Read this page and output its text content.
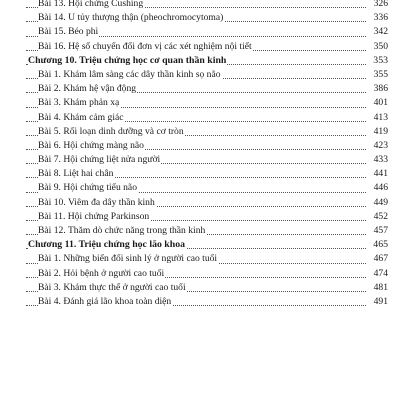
Bài 13. Hội chứng Cushing	326
Bài 14. U tủy thượng thận (pheochromocytoma)	336
Bài 15. Béo phì	342
Bài 16. Hệ số chuyển đổi đơn vị các xét nghiệm nội tiết	350
Chương 10. Triệu chứng học cơ quan thần kinh	353
Bài 1. Khám lâm sàng các dây thần kinh sọ não	355
Bài 2. Khám hệ vận động	386
Bài 3. Khám phản xạ	401
Bài 4. Khám cảm giác	413
Bài 5. Rối loạn dinh dưỡng và cơ tròn	419
Bài 6. Hội chứng màng não	423
Bài 7. Hội chứng liệt nửa người	433
Bài 8. Liệt hai chân	441
Bài 9. Hội chứng tiểu não	446
Bài 10. Viêm đa dây thần kinh	449
Bài 11. Hội chứng Parkinson	452
Bài 12. Thăm dò chức năng trong thần kinh	457
Chương 11. Triệu chứng học lão khoa	465
Bài 1. Những biến đổi sinh lý ở người cao tuổi	467
Bài 2. Hỏi bệnh ở người cao tuổi	474
Bài 3. Khám thực thể ở người cao tuổi	481
Bài 4. Đánh giá lão khoa toàn diện	491
